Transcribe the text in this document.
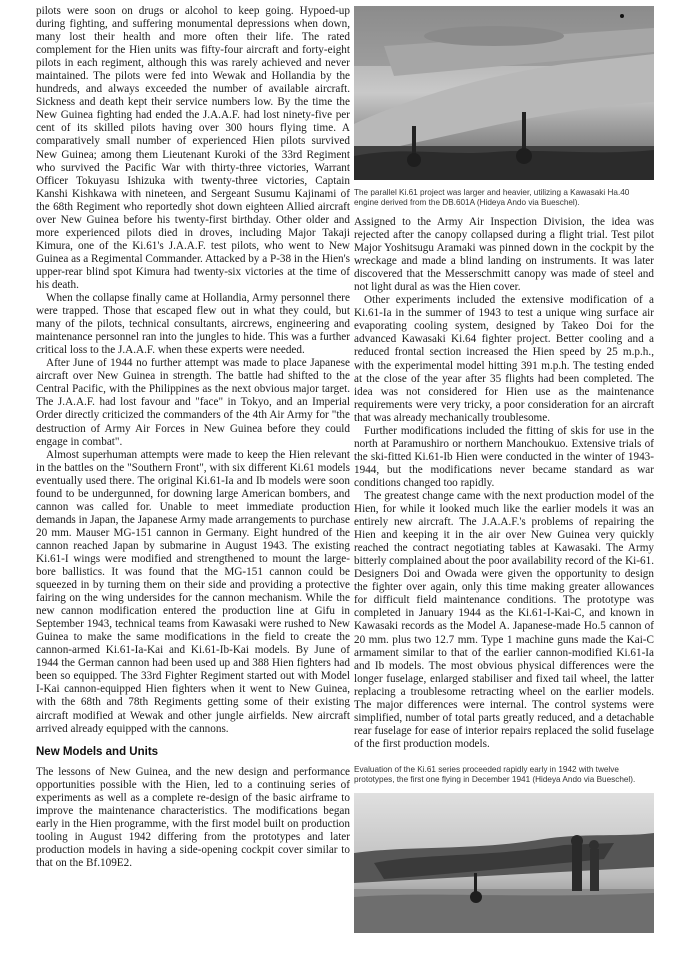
pilots were soon on drugs or alcohol to keep going. Hypoed-up during fighting, and suffering monumental depressions when down, many lost their health and more often their life. The rated complement for the Hien units was fifty-four aircraft and forty-eight pilots in each regiment, although this was rarely achieved and never maintained. The pilots were fed into Wewak and Hollandia by the hundreds, and always exceeded the number of available aircraft. Sickness and death kept their service numbers low. By the time the New Guinea fighting had ended the J.A.A.F. had lost ninety-five per cent of its skilled pilots having over 300 hours flying time. A comparatively small number of experienced Hien pilots survived New Guinea; among them Lieutenant Kuroki of the 33rd Regiment who survived the Pacific War with thirty-three victories, Warrant Officer Tokuyasu Ishizuka with twenty-three victories, Captain Kanshi Kishkawa with nineteen, and Sergeant Susumu Kajinami of the 68th Regiment who reportedly shot down eighteen Allied aircraft over New Guinea before his twenty-first birthday. Other older and more experienced pilots died in droves, including Major Takaji Kimura, one of the Ki.61's J.A.A.F. test pilots, who went to New Guinea as a Regimental Commander. Attacked by a P-38 in the Hien's upper-rear blind spot Kimura had twenty-six victories at the time of his death.

When the collapse finally came at Hollandia, Army personnel there were trapped. Those that escaped flew out in what they could, but many of the pilots, technical consultants, aircrews, engineering and maintenance personnel ran into the jungles to hide. This was a further critical loss to the J.A.A.F. when these experts were needed.

After June of 1944 no further attempt was made to place Japanese aircraft over New Guinea in strength. The battle had shifted to the Central Pacific, with the Philippines as the next obvious major target. The J.A.A.F. had lost favour and "face" in Tokyo, and an Imperial Order directly criticized the commanders of the 4th Air Army for "the destruction of Army Air Forces in New Guinea before they could engage in combat".

Almost superhuman attempts were made to keep the Hien relevant in the battles on the "Southern Front", with six different Ki.61 models eventually used there. The original Ki.61-Ia and Ib models were soon found to be undergunned, for downing large American bombers, and cannon was called for. Unable to meet immediate production demands in Japan, the Japanese Army made arrangements to purchase 20 mm. Mauser MG-151 cannon in Germany. Eight hundred of the cannon reached Japan by submarine in August 1943. The existing Ki.61-I wings were modified and strengthened to mount the large-bore ballistics. It was found that the MG-151 cannon could be squeezed in by turning them on their side and providing a protective fairing on the wing undersides for the cannon mechanism. While the new cannon modification entered the production line at Gifu in September 1943, technical teams from Kawasaki were rushed to New Guinea to make the same modifications in the field to create the cannon-armed Ki.61-Ia-Kai and Ki.61-Ib-Kai models. By June of 1944 the German cannon had been used up and 388 Hien fighters had been so equipped. The 33rd Fighter Regiment started out with Model I-Kai cannon-equipped Hien fighters when it went to New Guinea, with the 68th and 78th Regiments getting some of their existing aircraft modified at Wewak and other jungle airfields. New aircraft arrived already equipped with the cannons.

New Models and Units

The lessons of New Guinea, and the new design and performance opportunities possible with the Hien, led to a continuing series of experiments as well as a complete re-design of the basic airframe to improve the maintenance characteristics. The modifications began early in the Hien programme, with the first model built on production tooling in August 1942 differing from the prototypes and later production models in having a side-opening cockpit cover similar to that on the Bf.109E2.

The parallel Ki.61 project was larger and heavier, utilizing a Kawasaki Ha.40 engine derived from the DB.601A (Hideya Ando via Bueschel).

Assigned to the Army Air Inspection Division, the idea was rejected after the canopy collapsed during a flight trial. Test pilot Major Yoshitsugu Aramaki was pinned down in the cockpit by the wreckage and made a blind landing on instruments. It was later discovered that the Messerschmitt canopy was made of steel and not light dural as was the Hien cover.

Other experiments included the extensive modification of a Ki.61-Ia in the summer of 1943 to test a unique wing surface air evaporating cooling system, designed by Takeo Doi for the advanced Kawasaki Ki.64 fighter project. Better cooling and a reduced frontal section increased the Hien speed by 25 m.p.h., with the experimental model hitting 391 m.p.h. The testing ended at the close of the year after 35 flights had been completed. The idea was not considered for Hien use as the maintenance requirements were very tricky, a poor consideration for an aircraft that was already mechanically troublesome.

Further modifications included the fitting of skis for use in the north at Paramushiro or northern Manchoukuo. Extensive trials of the ski-fitted Ki.61-Ib Hien were conducted in the winter of 1943-1944, but the modifications never became standard as war conditions changed too rapidly.

The greatest change came with the next production model of the Hien, for while it looked much like the earlier models it was an entirely new aircraft. The J.A.A.F.'s problems of repairing the Hien and keeping it in the air over New Guinea very quickly reached the contract negotiating tables at Kawasaki. The Army bitterly complained about the poor availability record of the Ki-61. Designers Doi and Owada were given the opportunity to design the fighter over again, only this time making greater allowances for difficult field maintenance conditions. The prototype was completed in January 1944 as the Ki.61-I-Kai-C, and known in Kawasaki records as the Model A. Japanese-made Ho.5 cannon of 20 mm. plus two 12.7 mm. Type 1 machine guns made the Kai-C armament similar to that of the earlier cannon-modified Ki.61-Ia and Ib models. The most obvious physical differences were the longer fuselage, enlarged stabiliser and fixed tail wheel, the latter replacing a troublesome retracting wheel on the earlier models. The major differences were internal. The control systems were simplified, number of total parts greatly reduced, and a detachable rear fuselage for ease of interior repairs replaced the solid fuselage of the first production models.

Evaluation of the Ki.61 series proceeded rapidly early in 1942 with twelve prototypes, the first one flying in December 1941 (Hideya Ando via Bueschel).
